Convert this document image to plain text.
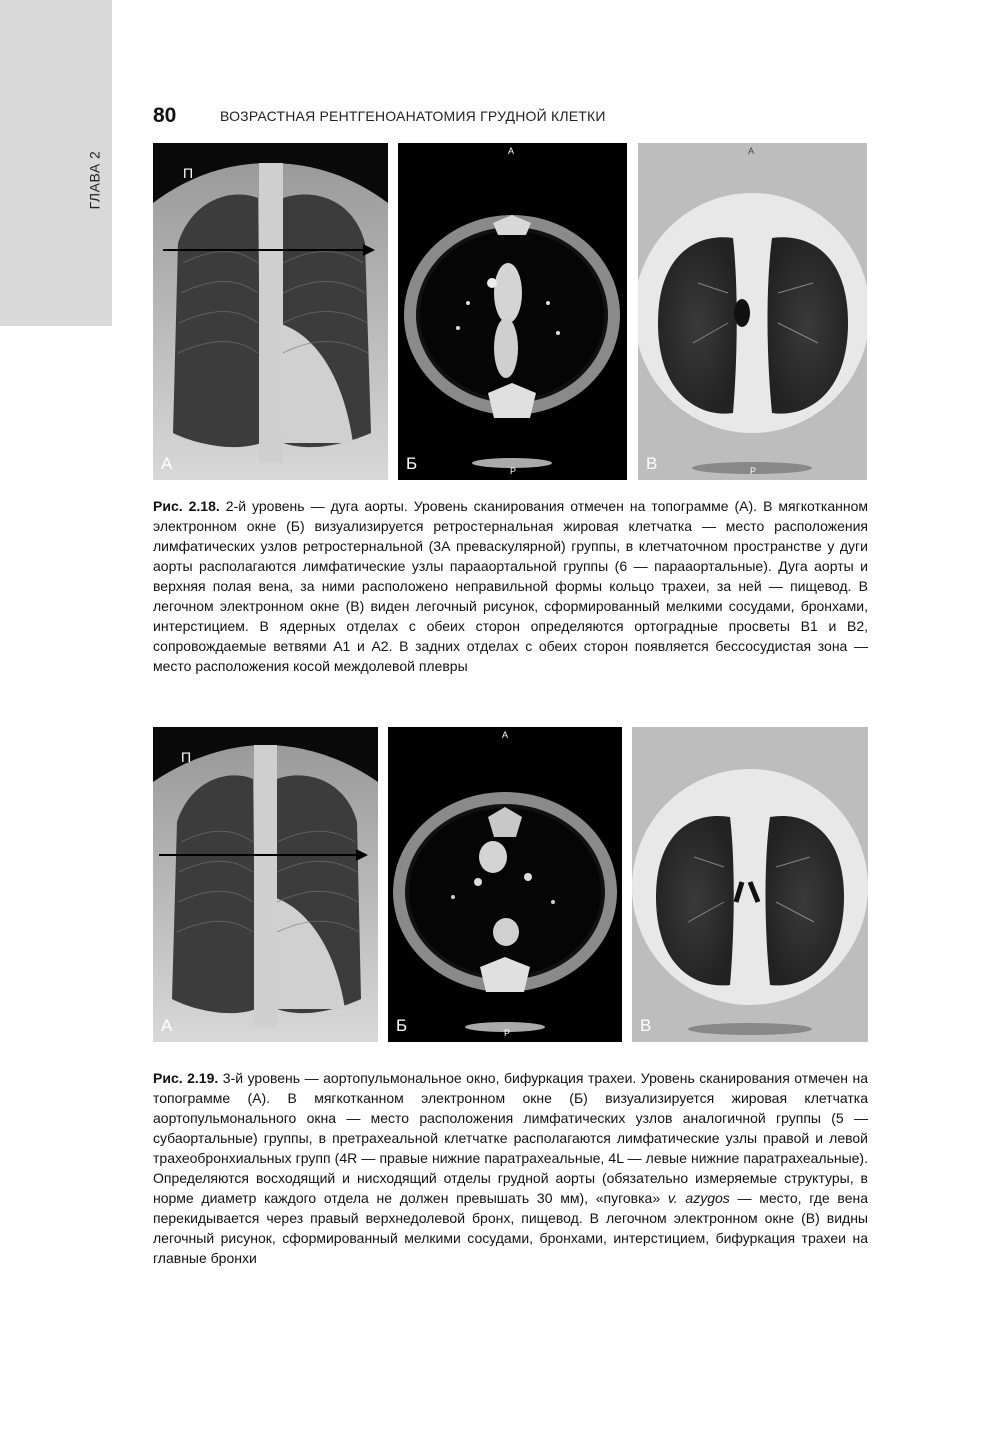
ГЛАВА 2
80	ВОЗРАСТНАЯ РЕНТГЕНОАНАТОМИЯ ГРУДНОЙ КЛЕТКИ
П
А
A
P
Б
A
P
В
Рис. 2.18. 2-й уровень — дуга аорты. Уровень сканирования отмечен на топограмме (А). В мягкотканном электронном окне (Б) визуализируется ретростернальная жировая клетчатка — место расположения лимфатических узлов ретростернальной (3А преваскулярной) группы, в клетчаточном пространстве у дуги аорты располагаются лимфатические узлы парааортальной группы (6 — парааортальные). Дуга аорты и верхняя полая вена, за ними расположено неправильной формы кольцо трахеи, за ней — пищевод. В легочном электронном окне (В) виден легочный рисунок, сформированный мелкими сосудами, бронхами, интерстицием. В ядерных отделах с обеих сторон определяются ортоградные просветы В1 и В2, сопровождаемые ветвями А1 и А2. В задних отделах с обеих сторон появляется бессосудистая зона — место расположения косой междолевой плевры
П
А
A
P
Б	В
Рис. 2.19. 3-й уровень — аортопульмональное окно, бифуркация трахеи. Уровень сканирования отмечен на топограмме (А). В мягкотканном электронном окне (Б) визуализируется жировая клетчатка аортопульмонального окна — место расположения лимфатических узлов аналогичной группы (5 — субаортальные) группы, в претрахеальной клетчатке располагаются лимфатические узлы правой и левой трахеобронхиальных групп (4R — правые нижние паратрахеальные, 4L — левые нижние паратрахеальные). Определяются восходящий и нисходящий отделы грудной аорты (обязательно измеряемые структуры, в норме диаметр каждого отдела не должен превышать 30 мм), «пуговка» v. azygos — место, где вена перекидывается через правый верхнедолевой бронх, пищевод. В легочном электронном окне (В) видны легочный рисунок, сформированный мелкими сосудами, бронхами, интерстицием, бифуркация трахеи на главные бронхи
